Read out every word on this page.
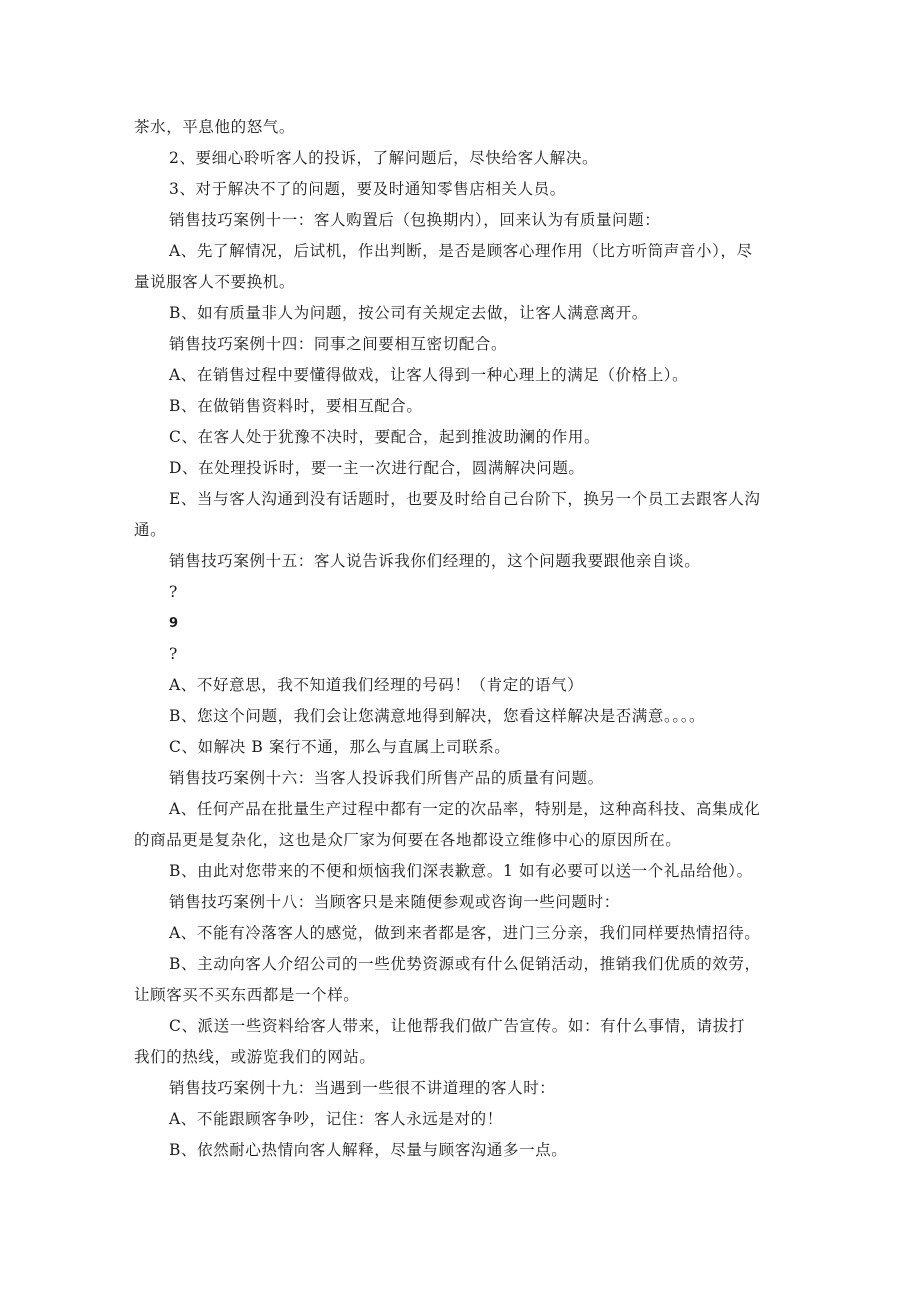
茶水，平息他的怒气。
2、要细心聆听客人的投诉，了解问题后，尽快给客人解决。
3、对于解决不了的问题，要及时通知零售店相关人员。
销售技巧案例十一：客人购置后（包换期内），回来认为有质量问题：
A、先了解情况，后试机，作出判断，是否是顾客心理作用（比方听筒声音小），尽
量说服客人不要换机。
B、如有质量非人为问题，按公司有关规定去做，让客人满意离开。
销售技巧案例十四：同事之间要相互密切配合。
A、在销售过程中要懂得做戏，让客人得到一种心理上的满足（价格上）。
B、在做销售资料时，要相互配合。
C、在客人处于犹豫不决时，要配合，起到推波助澜的作用。
D、在处理投诉时，要一主一次进行配合，圆满解决问题。
E、当与客人沟通到没有话题时，也要及时给自己台阶下，换另一个员工去跟客人沟
通。
销售技巧案例十五：客人说告诉我你们经理的，这个问题我要跟他亲自谈。
?
9
?
A、不好意思，我不知道我们经理的号码！（肯定的语气）
B、您这个问题，我们会让您满意地得到解决，您看这样解决是否满意。。。。
C、如解决 B 案行不通，那么与直属上司联系。
销售技巧案例十六：当客人投诉我们所售产品的质量有问题。
A、任何产品在批量生产过程中都有一定的次品率，特别是，这种高科技、高集成化
的商品更是复杂化，这也是众厂家为何要在各地都设立维修中心的原因所在。
B、由此对您带来的不便和烦恼我们深表歉意。1 如有必要可以送一个礼品给他）。
销售技巧案例十八：当顾客只是来随便参观或咨询一些问题时：
A、不能有冷落客人的感觉，做到来者都是客，进门三分亲，我们同样要热情招待。
B、主动向客人介绍公司的一些优势资源或有什么促销活动，推销我们优质的效劳，
让顾客买不买东西都是一个样。
C、派送一些资料给客人带来，让他帮我们做广告宣传。如：有什么事情，请拔打
我们的热线，或游览我们的网站。
销售技巧案例十九：当遇到一些很不讲道理的客人时：
A、不能跟顾客争吵，记住：客人永远是对的！
B、依然耐心热情向客人解释，尽量与顾客沟通多一点。
